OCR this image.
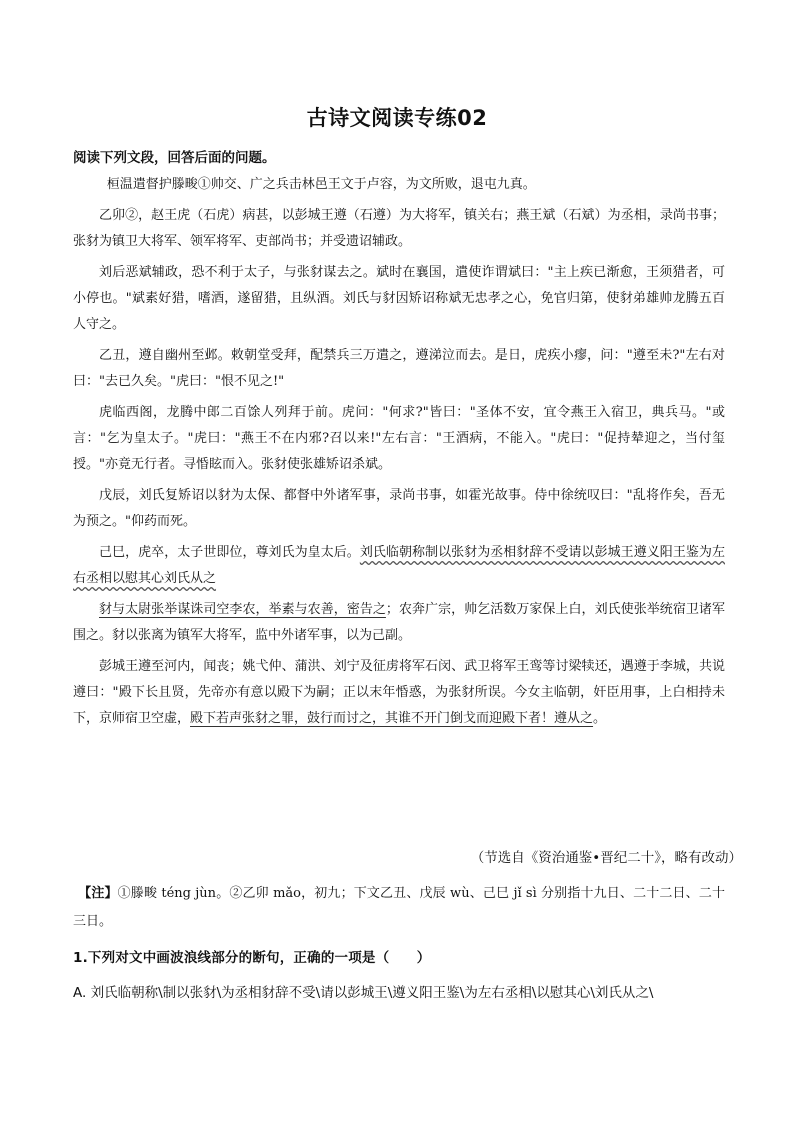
古诗文阅读专练02
阅读下列文段，回答后面的问题。

桓温遣督护滕畯①帅交、广之兵击林邑王文于卢容，为文所败，退屯九真。

乙卯②，赵王虎（石虎）病甚，以彭城王遵（石遵）为大将军，镇关右；燕王斌（石斌）为丞相，录尚书事；张豺为镇卫大将军、领军将军、吏部尚书；并受遗诏辅政。

刘后恶斌辅政，恐不利于太子，与张豺谋去之。斌时在襄国，遣使诈谓斌曰："主上疾已渐愈，王须猎者，可小停也。"斌素好猎，嗜酒，遂留猎，且纵酒。刘氏与豺因矫诏称斌无忠孝之心，免官归第，使豺弟雄帅龙腾五百人守之。

乙丑，遵自幽州至邺。敕朝堂受拜，配禁兵三万遣之，遵涕泣而去。是日，虎疾小瘳，问："遵至未?"左右对曰："去已久矣。"虎曰："恨不见之!"

虎临西阁，龙腾中郎二百馀人列拜于前。虎问："何求?"皆曰："圣体不安，宜令燕王入宿卫，典兵马。"或言："乞为皇太子。"虎曰："燕王不在内邪?召以来!"左右言："王酒病，不能入。"虎曰："促持辇迎之，当付玺授。"亦竟无行者。寻惛眩而入。张豺使张雄矫诏杀斌。

戊辰，刘氏复矫诏以豺为太保、都督中外诸军事，录尚书事，如霍光故事。侍中徐统叹曰："乱将作矣，吾无为预之。"仰药而死。

己巳，虎卒，太子世即位，尊刘氏为皇太后。刘氏临朝称制以张豺为丞相豺辞不受请以彭城王遵义阳王鉴为左右丞相以慰其心刘氏从之

豺与太尉张举谋诛司空李农，举素与农善，密告之；农奔广宗，帅乞活数万家保上白，刘氏使张举统宿卫诸军围之。豺以张离为镇军大将军，监中外诸军事，以为己副。

彭城王遵至河内，闻丧；姚弋仲、蒲洪、刘宁及征虏将军石闵、武卫将军王鸾等讨梁犊还，遇遵于李城，共说遵曰："殿下长且贤，先帝亦有意以殿下为嗣；正以末年惛惑，为张豺所误。今女主临朝，奸臣用事，上白相持未下，京师宿卫空虚，殿下若声张豺之罪，鼓行而讨之，其谁不开门倒戈而迎殿下者！遵从之。

（节选自《资治通鉴•晋纪二十》，略有改动）
【注】①滕畯 téng jùn。②乙卯 mǎo，初九；下文乙丑、戊辰 wù、己巳 jǐ sì 分别指十九日、二十二日、二十三日。
1.下列对文中画波浪线部分的断句，正确的一项是（　　）
A. 刘氏临朝称\制以张豺\为丞相豺辞不受\请以彭城王\遵义阳王鉴\为左右丞相\以慰其心\刘氏从之\
